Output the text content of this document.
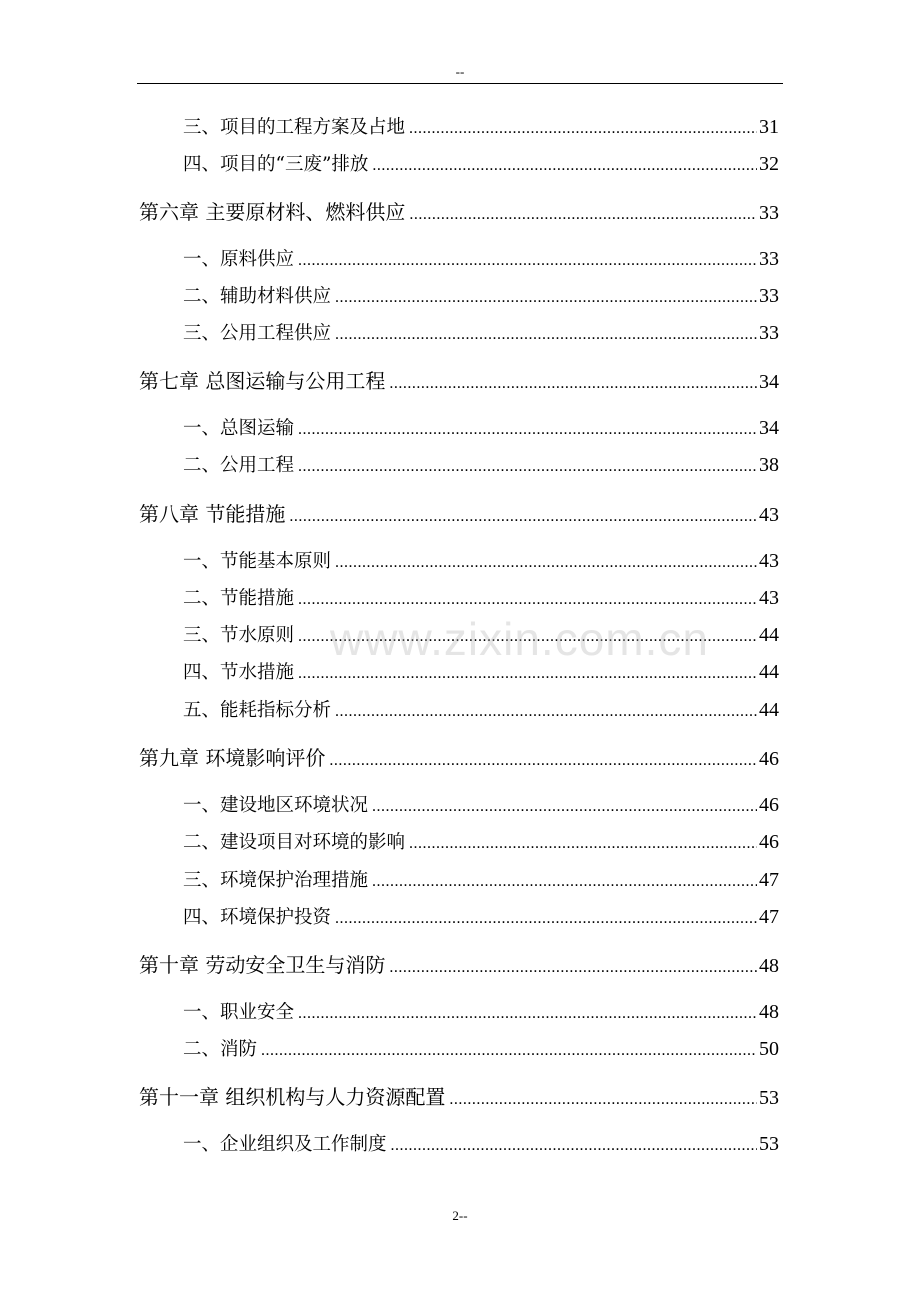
--
三、项目的工程方案及占地 .....	31
四、项目的“三废”排放 .....	32
第六章 主要原材料、燃料供应 .....	33
一、原料供应 .....	33
二、辅助材料供应 .....	33
三、公用工程供应 .....	33
第七章 总图运输与公用工程 .....	34
一、总图运输 .....	34
二、公用工程 .....	38
第八章 节能措施 .....	43
一、节能基本原则 .....	43
二、节能措施 .....	43
三、节水原则 .....	44
四、节水措施 .....	44
五、能耗指标分析 .....	44
第九章 环境影响评价 .....	46
一、建设地区环境状况 .....	46
二、建设项目对环境的影响 .....	46
三、环境保护治理措施 .....	47
四、环境保护投资 .....	47
第十章 劳动安全卫生与消防 .....	48
一、职业安全 .....	48
二、消防 .....	50
第十一章 组织机构与人力资源配置 .....	53
一、企业组织及工作制度 .....	53
www.zixin.com.cn
2--
